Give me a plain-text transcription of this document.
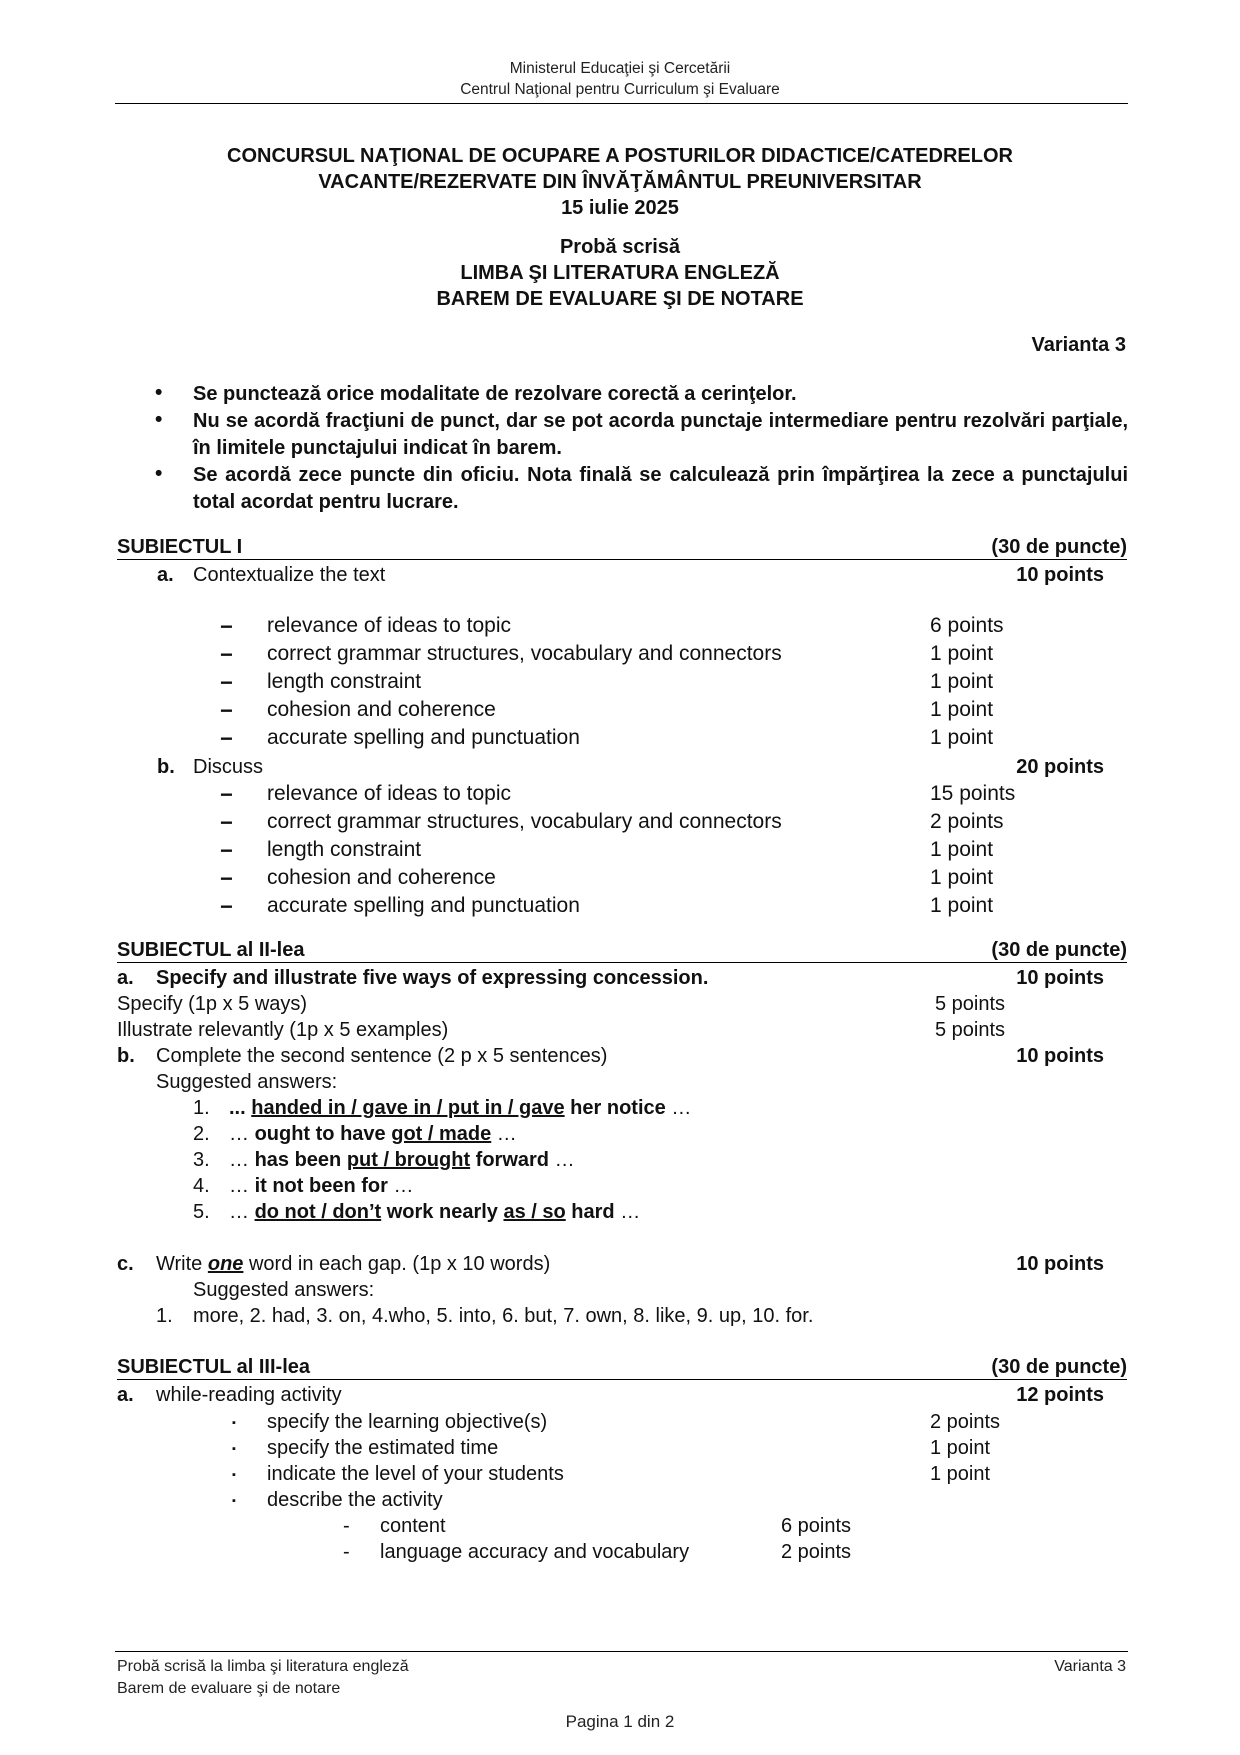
Ministerul Educaţiei şi Cercetării
Centrul Naţional pentru Curriculum şi Evaluare
CONCURSUL NAŢIONAL DE OCUPARE A POSTURILOR DIDACTICE/CATEDRELOR
VACANTE/REZERVATE DIN ÎNVĂŢĂMÂNTUL PREUNIVERSITAR
15 iulie 2025
Probă scrisă
LIMBA ŞI LITERATURA ENGLEZĂ
BAREM DE EVALUARE ŞI DE NOTARE
Varianta 3
• Se punctează orice modalitate de rezolvare corectă a cerinţelor.
• Nu se acordă fracţiuni de punct, dar se pot acorda punctaje intermediare pentru rezolvări parţiale, în limitele punctajului indicat în barem.
• Se acordă zece puncte din oficiu. Nota finală se calculează prin împărţirea la zece a punctajului total acordat pentru lucrare.
SUBIECTUL I	(30 de puncte)
a. Contextualize the text	10 points
− relevance of ideas to topic	6 points
− correct grammar structures, vocabulary and connectors	1 point
− length constraint	1 point
− cohesion and coherence	1 point
− accurate spelling and punctuation	1 point
b. Discuss	20 points
− relevance of ideas to topic	15 points
− correct grammar structures, vocabulary and connectors	2 points
− length constraint	1 point
− cohesion and coherence	1 point
− accurate spelling and punctuation	1 point
SUBIECTUL al II-lea	(30 de puncte)
a. Specify and illustrate five ways of expressing concession.	10 points
Specify (1p x 5 ways)	5 points
Illustrate relevantly (1p x 5 examples)	5 points
b. Complete the second sentence (2 p x 5 sentences)	10 points
Suggested answers:
1. ... handed in / gave in / put in / gave her notice …
2. … ought to have got / made …
3. … has been put / brought forward …
4. … it not been for …
5. … do not / don’t work nearly as / so hard …
c. Write one word in each gap. (1p x 10 words)	10 points
Suggested answers:
1. more, 2. had, 3. on, 4.who, 5. into, 6. but, 7. own, 8. like, 9. up, 10. for.
SUBIECTUL al III-lea	(30 de puncte)
a. while-reading activity	12 points
▪ specify the learning objective(s)	2 points
▪ specify the estimated time	1 point
▪ indicate the level of your students	1 point
▪ describe the activity
- content	6 points
- language accuracy and vocabulary	2 points
Probă scrisă la limba şi literatura engleză
Barem de evaluare şi de notare
Varianta 3
Pagina 1 din 2
